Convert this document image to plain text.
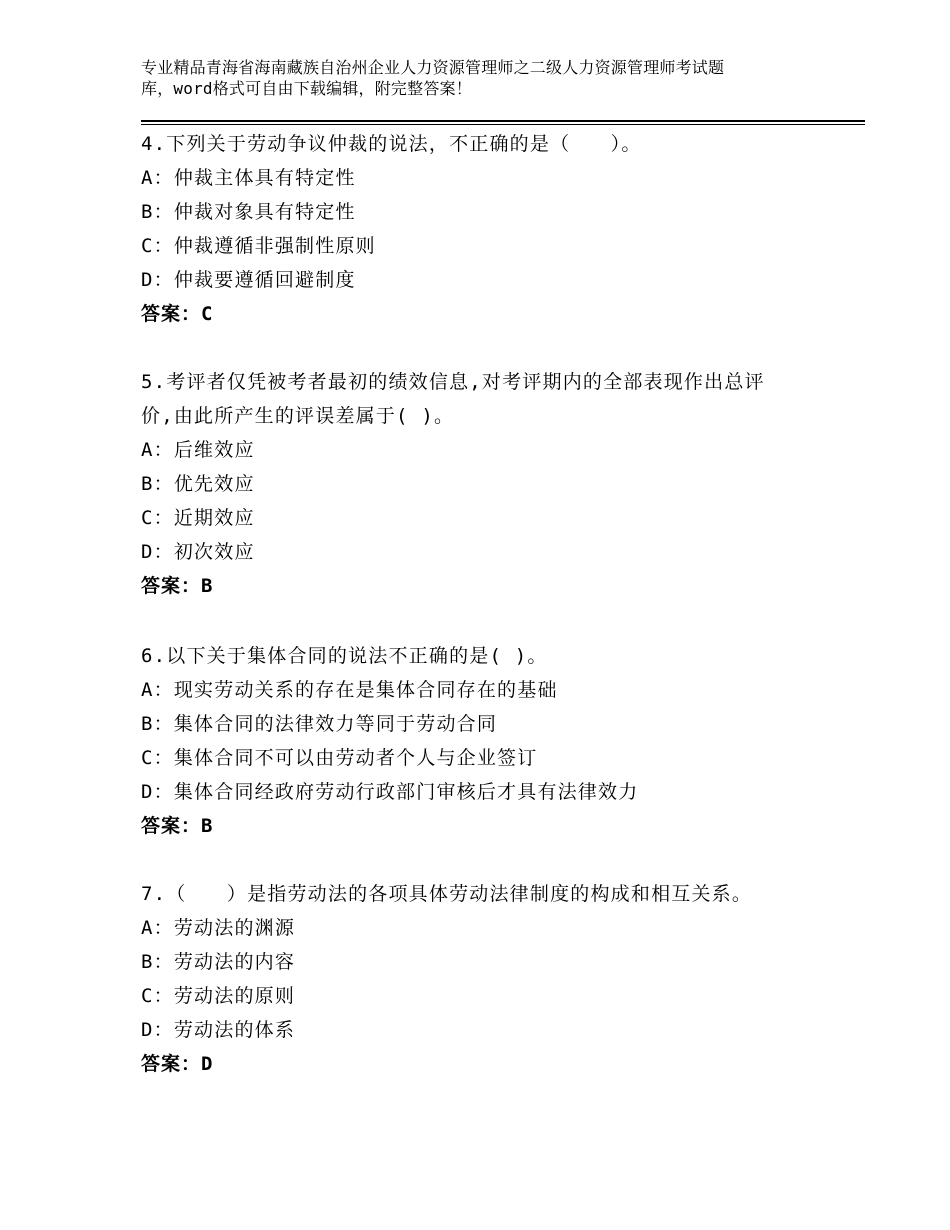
专业精品青海省海南藏族自治州企业人力资源管理师之二级人力资源管理师考试题
库，word格式可自由下载编辑，附完整答案！
4.下列关于劳动争议仲裁的说法，不正确的是（　　）。
A：仲裁主体具有特定性
B：仲裁对象具有特定性
C：仲裁遵循非强制性原则
D：仲裁要遵循回避制度
答案：C
5.考评者仅凭被考者最初的绩效信息,对考评期内的全部表现作出总评
价,由此所产生的评误差属于( )。
A：后维效应
B：优先效应
C：近期效应
D：初次效应
答案：B
6.以下关于集体合同的说法不正确的是( )。
A：现实劳动关系的存在是集体合同存在的基础
B：集体合同的法律效力等同于劳动合同
C：集体合同不可以由劳动者个人与企业签订
D：集体合同经政府劳动行政部门审核后才具有法律效力
答案：B
7.（　　）是指劳动法的各项具体劳动法律制度的构成和相互关系。
A：劳动法的渊源
B：劳动法的内容
C：劳动法的原则
D：劳动法的体系
答案：D
